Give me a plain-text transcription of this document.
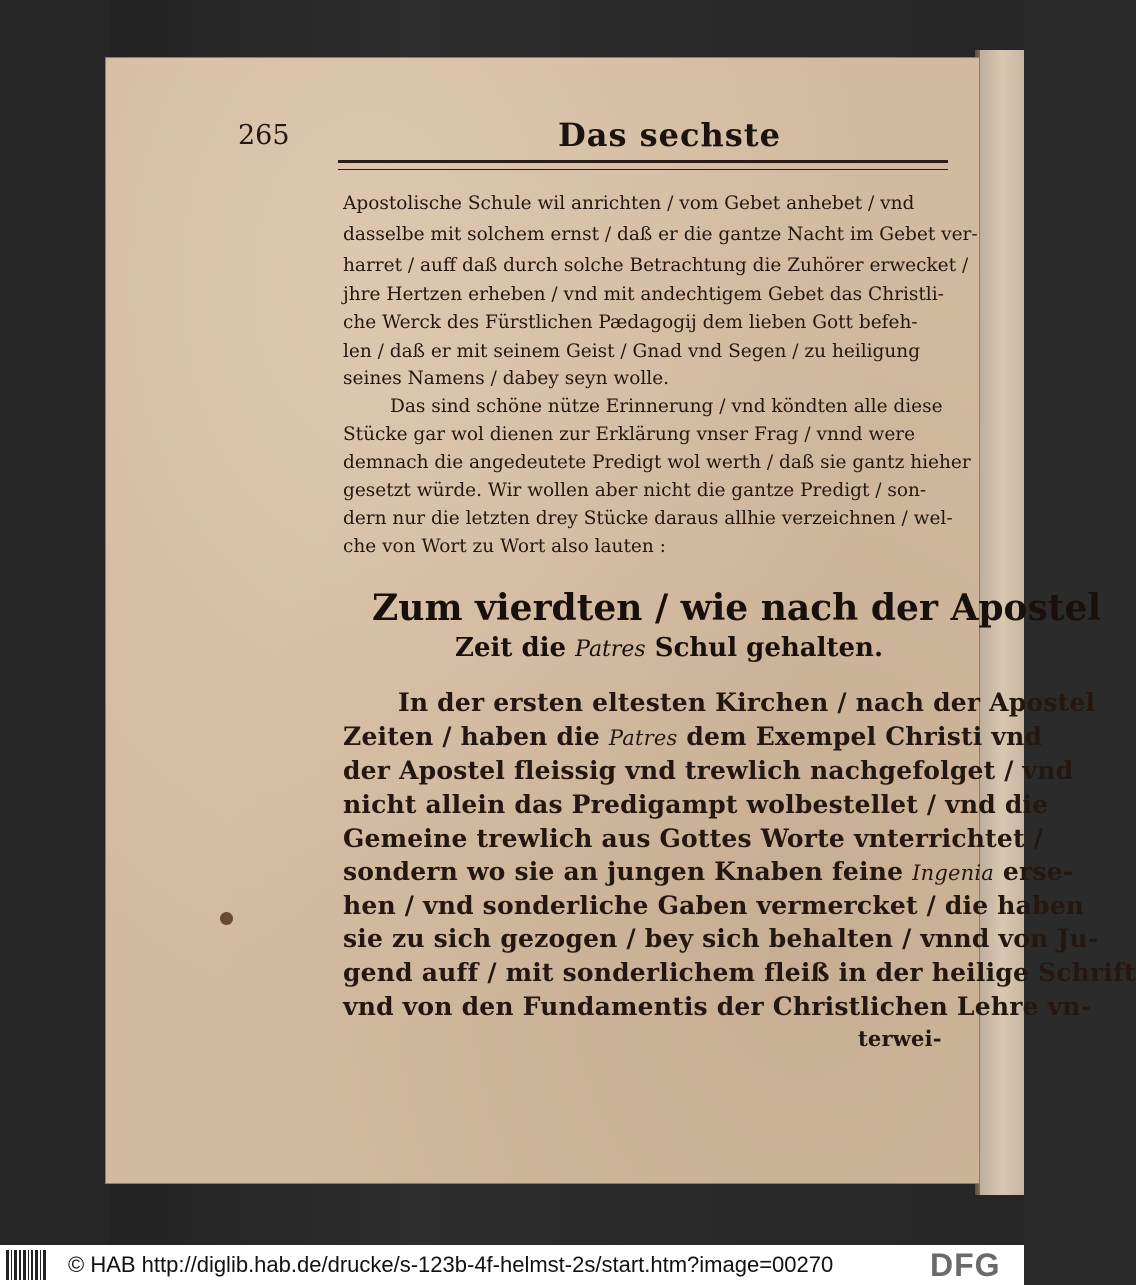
265	Das sechste
Apostolische Schule wil anrichten / vom Gebet anhebet / vnd
dasselbe mit solchem ernst / daß er die gantze Nacht im Gebet ver-
harret / auff daß durch solche Betrachtung die Zuhörer erwecket /
jhre Hertzen erheben / vnd mit andechtigem Gebet das Christli-
che Werck des Fürstlichen Pædagogij dem lieben Gott befeh-
len / daß er mit seinem Geist / Gnad vnd Segen / zu heiligung
seines Namens / dabey seyn wolle.
Das sind schöne nütze Erinnerung / vnd köndten alle diese
Stücke gar wol dienen zur Erklärung vnser Frag / vnnd were
demnach die angedeutete Predigt wol werth / daß sie gantz hieher
gesetzt würde. Wir wollen aber nicht die gantze Predigt / son-
dern nur die letzten drey Stücke daraus allhie verzeichnen / wel-
che von Wort zu Wort also lauten :
Zum vierdten / wie nach der Apostel
Zeit die Patres Schul gehalten.
In der ersten eltesten Kirchen / nach der Apostel
Zeiten / haben die Patres dem Exempel Christi vnd
der Apostel fleissig vnd trewlich nachgefolget / vnd
nicht allein das Predigampt wolbestellet / vnd die
Gemeine trewlich aus Gottes Worte vnterrichtet /
sondern wo sie an jungen Knaben feine Ingenia erse-
hen / vnd sonderliche Gaben vermercket / die haben
sie zu sich gezogen / bey sich behalten / vnnd von Ju-
gend auff / mit sonderlichem fleiß in der heilige Schrift
vnd von den Fundamentis der Christlichen Lehre vn-
terwei-
© HAB http://diglib.hab.de/drucke/s-123b-4f-helmst-2s/start.htm?image=00270	DFG
